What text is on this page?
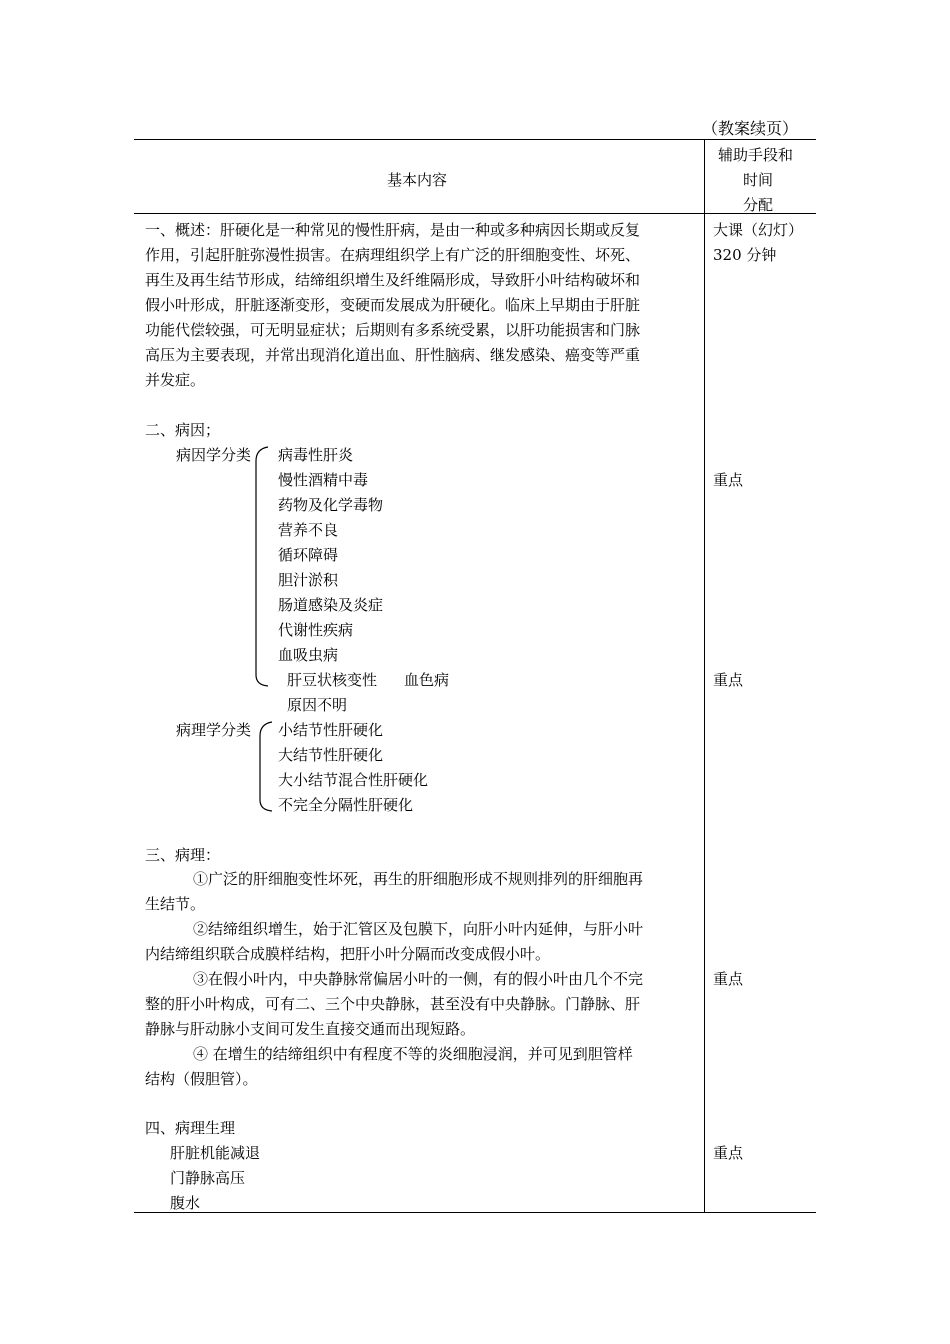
（教案续页）
基本内容
辅助手段和
时间
分配
一、概述：肝硬化是一种常见的慢性肝病，是由一种或多种病因长期或反复
作用，引起肝脏弥漫性损害。在病理组织学上有广泛的肝细胞变性、坏死、
再生及再生结节形成，结缔组织增生及纤维隔形成，导致肝小叶结构破坏和
假小叶形成，肝脏逐渐变形，变硬而发展成为肝硬化。临床上早期由于肝脏
功能代偿较强，可无明显症状；后期则有多系统受累，以肝功能损害和门脉
高压为主要表现，并常出现消化道出血、肝性脑病、继发感染、癌变等严重
并发症。
大课（幻灯）
320 分钟
二、病因；
病因学分类 病毒性肝炎
慢性酒精中毒
药物及化学毒物
营养不良
循环障碍
胆汁淤积
肠道感染及炎症
代谢性疾病
血吸虫病
肝豆状核变性 血色病
原因不明
重点
重点
病理学分类 小结节性肝硬化
大结节性肝硬化
大小结节混合性肝硬化
不完全分隔性肝硬化
三、病理：
①广泛的肝细胞变性坏死，再生的肝细胞形成不规则排列的肝细胞再
生结节。
②结缔组织增生，始于汇管区及包膜下，向肝小叶内延伸，与肝小叶
内结缔组织联合成膜样结构，把肝小叶分隔而改变成假小叶。
③在假小叶内，中央静脉常偏居小叶的一侧，有的假小叶由几个不完
整的肝小叶构成，可有二、三个中央静脉，甚至没有中央静脉。门静脉、肝
静脉与肝动脉小支间可发生直接交通而出现短路。
④ 在增生的结缔组织中有程度不等的炎细胞浸润，并可见到胆管样
结构（假胆管）。
重点
四、病理生理
肝脏机能减退
门静脉高压
腹水
重点
